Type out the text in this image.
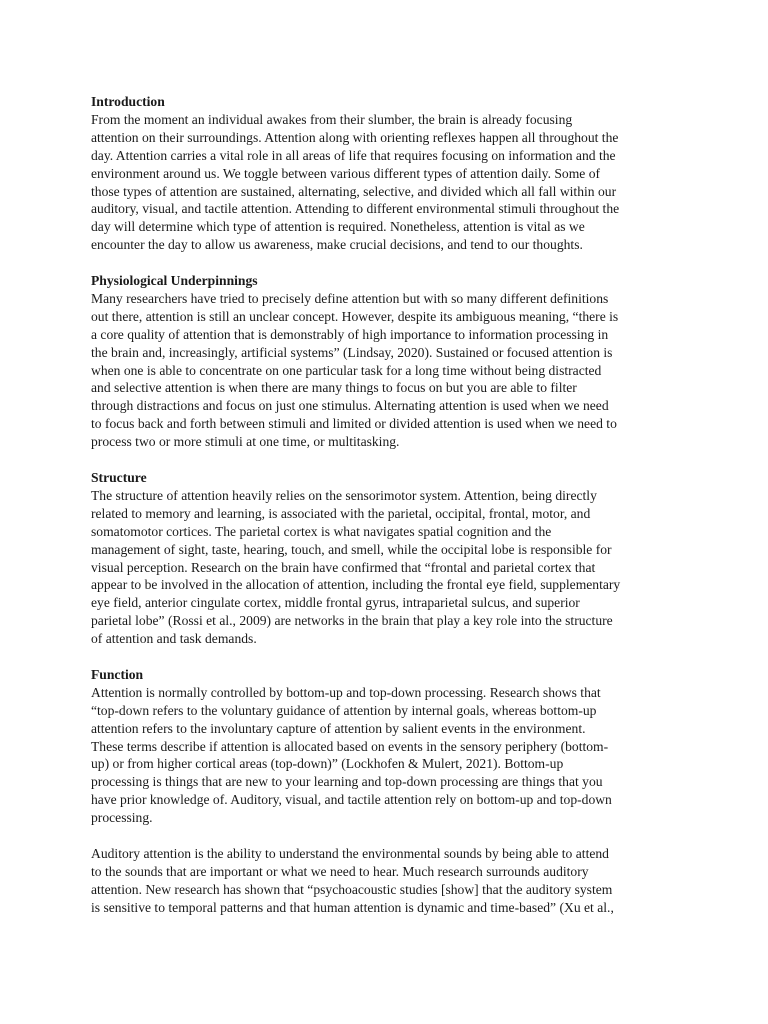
Introduction

From the moment an individual awakes from their slumber, the brain is already focusing
attention on their surroundings. Attention along with orienting reflexes happen all throughout the
day. Attention carries a vital role in all areas of life that requires focusing on information and the
environment around us. We toggle between various different types of attention daily. Some of
those types of attention are sustained, alternating, selective, and divided which all fall within our
auditory, visual, and tactile attention. Attending to different environmental stimuli throughout the
day will determine which type of attention is required. Nonetheless, attention is vital as we
encounter the day to allow us awareness, make crucial decisions, and tend to our thoughts.

Physiological Underpinnings

Many researchers have tried to precisely define attention but with so many different definitions
out there, attention is still an unclear concept. However, despite its ambiguous meaning, “there is
a core quality of attention that is demonstrably of high importance to information processing in
the brain and, increasingly, artificial systems” (Lindsay, 2020). Sustained or focused attention is
when one is able to concentrate on one particular task for a long time without being distracted
and selective attention is when there are many things to focus on but you are able to filter
through distractions and focus on just one stimulus. Alternating attention is used when we need
to focus back and forth between stimuli and limited or divided attention is used when we need to
process two or more stimuli at one time, or multitasking.

Structure

The structure of attention heavily relies on the sensorimotor system. Attention, being directly
related to memory and learning, is associated with the parietal, occipital, frontal, motor, and
somatomotor cortices. The parietal cortex is what navigates spatial cognition and the
management of sight, taste, hearing, touch, and smell, while the occipital lobe is responsible for
visual perception. Research on the brain have confirmed that “frontal and parietal cortex that
appear to be involved in the allocation of attention, including the frontal eye field, supplementary
eye field, anterior cingulate cortex, middle frontal gyrus, intraparietal sulcus, and superior
parietal lobe” (Rossi et al., 2009) are networks in the brain that play a key role into the structure
of attention and task demands.

Function

Attention is normally controlled by bottom-up and top-down processing. Research shows that
“top-down refers to the voluntary guidance of attention by internal goals, whereas bottom-up
attention refers to the involuntary capture of attention by salient events in the environment.
These terms describe if attention is allocated based on events in the sensory periphery (bottom-
up) or from higher cortical areas (top-down)” (Lockhofen & Mulert, 2021). Bottom-up
processing is things that are new to your learning and top-down processing are things that you
have prior knowledge of. Auditory, visual, and tactile attention rely on bottom-up and top-down
processing.

Auditory attention is the ability to understand the environmental sounds by being able to attend
to the sounds that are important or what we need to hear. Much research surrounds auditory
attention. New research has shown that “psychoacoustic studies [show] that the auditory system
is sensitive to temporal patterns and that human attention is dynamic and time-based” (Xu et al.,
